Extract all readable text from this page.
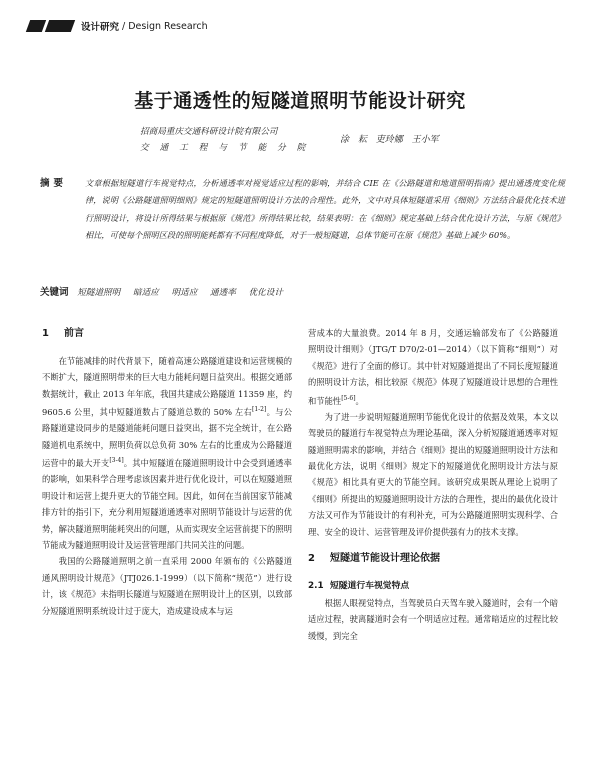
设计研究 / Design Research
基于通透性的短隧道照明节能设计研究
招商局重庆交通科研设计院有限公司
交通工程与节能分院
涂 耘 吏玲娜 王小军
摘要 文章根据短隧道行车视觉特点，分析通透率对视觉适应过程的影响，并结合 CIE 在《公路隧道和地道照明指南》提出通透度变化规律，说明《公路隧道照明细则》规定的短隧道照明设计方法的合理性。此外，文中对具体短隧道采用《细则》方法结合最优化技术进行照明设计，将设计所得结果与根据原《规范》所得结果比较，结果表明：在《细则》规定基础上结合优化设计方法，与原《规范》相比，可使每个照明区段的照明能耗都有不同程度降低，对于一般短隧道，总体节能可在原《规范》基础上减少 60%。
关键词 短隧道照明 暗适应 明适应 通透率 优化设计
1 前言

在节能减排的时代背景下，随着高速公路隧道建设和运营规模的不断扩大，隧道照明带来的巨大电力能耗问题日益突出。根据交通部数据统计，截止 2013 年年底，我国共建成公路隧道 11359 座，约 9605.6 公里，其中短隧道数占了隧道总数的 50% 左右[1-2]。与公路隧道建设同步的是隧道能耗问题日益突出，据不完全统计，在公路隧道机电系统中，照明负荷以总负荷 30% 左右的比重成为公路隧道运营中的最大开支[3-4]。其中短隧道在隧道照明设计中会受到通透率的影响，如果科学合理考虑该因素并进行优化设计，可以在短隧道照明设计和运营上提升更大的节能空间。因此，如何在当前国家节能减排方针的指引下，充分利用短隧道通透率对照明节能设计与运营的优势，解决隧道照明能耗突出的问题，从而实现安全运营前提下的照明节能成为隧道照明设计及运营管理部门共同关注的问题。

我国的公路隧道照明之前一直采用 2000 年颁布的《公路隧道通风照明设计规范》（JTJ026.1-1999）（以下简称“规范”）进行设计，该《规范》未指明长隧道与短隧道在照明设计上的区别，以致部分短隧道照明系统设计过于庞大，造成建设成本与运

营成本的大量浪费。2014 年 8 月，交通运输部发布了《公路隧道照明设计细则》（JTG/T D70/2-01—2014）（以下简称“细则”）对《规范》进行了全面的修订。其中针对短隧道提出了不同长度短隧道的照明设计方法，相比较原《规范》体现了短隧道设计思想的合理性和节能性[5-6]。

为了进一步说明短隧道照明节能优化设计的依据及效果，本文以驾驶员的隧道行车视觉特点为理论基础，深入分析短隧道通透率对短隧道照明需求的影响，并结合《细则》提出的短隧道照明设计方法和最优化方法，说明《细则》规定下的短隧道优化照明设计方法与原《规范》相比具有更大的节能空间。该研究成果既从理论上说明了《细则》所提出的短隧道照明设计方法的合理性，提出的最优化设计方法又可作为节能设计的有利补充，可为公路隧道照明实现科学、合理、安全的设计、运营管理及评价提供强有力的技术支撑。

2 短隧道节能设计理论依据
2.1 短隧道行车视觉特点

根据人眼视觉特点，当驾驶员白天驾车驶入隧道时，会有一个暗适应过程，驶离隧道时会有一个明适应过程。通常暗适应的过程比较缓慢，到完全
